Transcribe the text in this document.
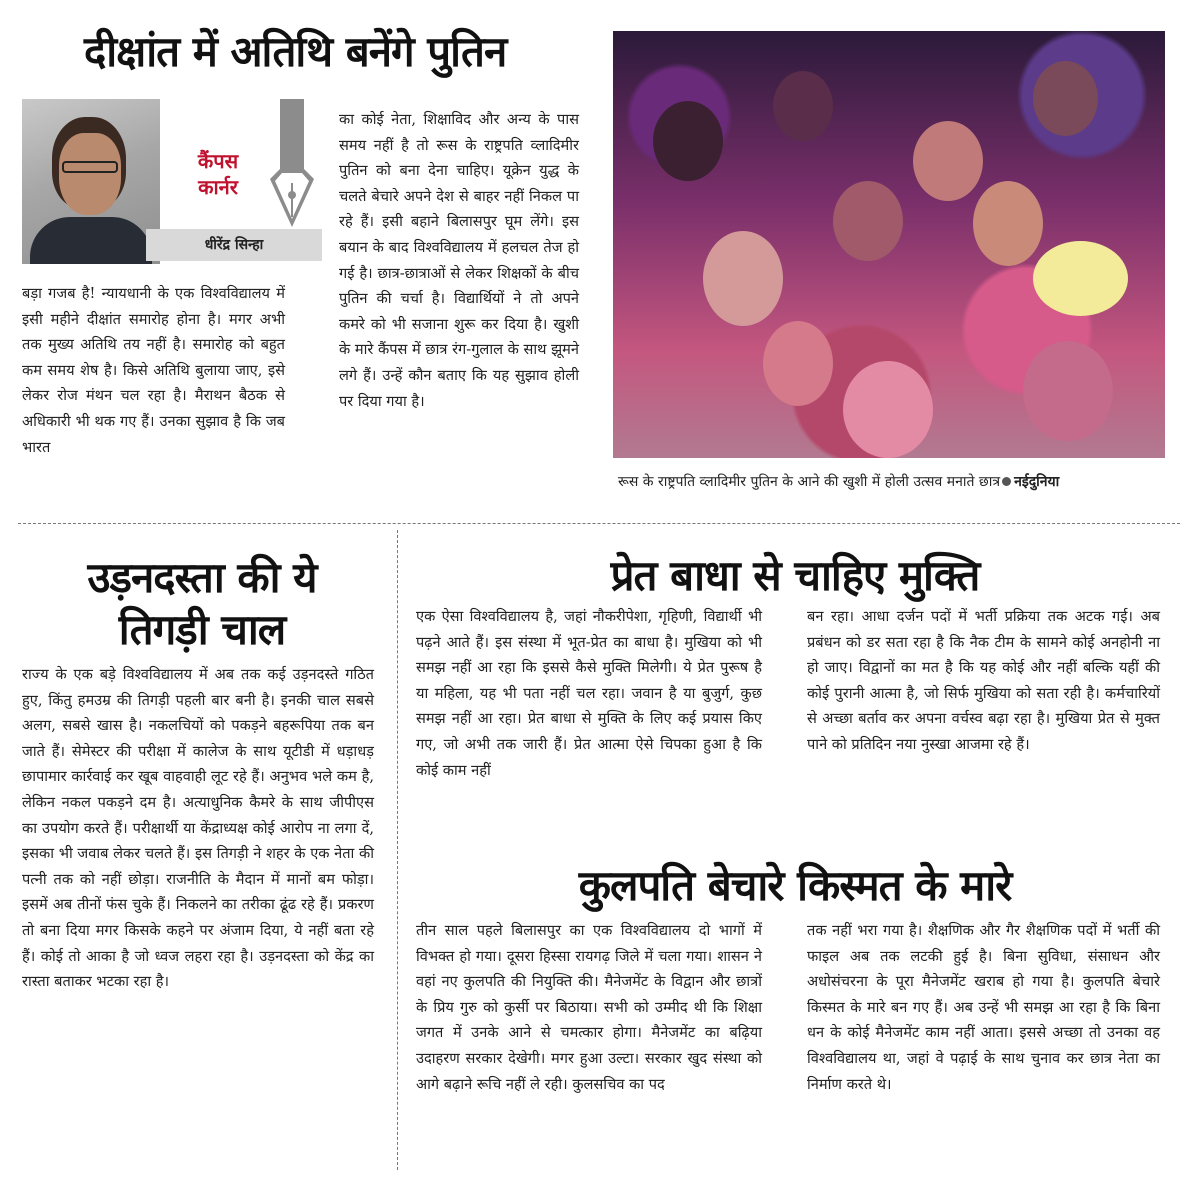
दीक्षांत में अतिथि बनेंगे पुतिन
कैंपस कार्नर
धीरेंद्र सिन्हा
बड़ा गजब है! न्यायधानी के एक विश्वविद्यालय में इसी महीने दीक्षांत समारोह होना है। मगर अभी तक मुख्य अतिथि तय नहीं है। समारोह को बहुत कम समय शेष है। किसे अतिथि बुलाया जाए, इसे लेकर रोज मंथन चल रहा है। मैराथन बैठक से अधिकारी भी थक गए हैं। उनका सुझाव है कि जब भारत
का कोई नेता, शिक्षाविद और अन्य के पास समय नहीं है तो रूस के राष्ट्रपति व्लादिमीर पुतिन को बना देना चाहिए। यूक्रेन युद्ध के चलते बेचारे अपने देश से बाहर नहीं निकल पा रहे हैं। इसी बहाने बिलासपुर घूम लेंगे। इस बयान के बाद विश्वविद्यालय में हलचल तेज हो गई है। छात्र-छात्राओं से लेकर शिक्षकों के बीच पुतिन की चर्चा है। विद्यार्थियों ने तो अपने कमरे को भी सजाना शुरू कर दिया है। खुशी के मारे कैंपस में छात्र रंग-गुलाल के साथ झूमने लगे हैं। उन्हें कौन बताए कि यह सुझाव होली पर दिया गया है।
रूस के राष्ट्रपति व्लादिमीर पुतिन के आने की खुशी में होली उत्सव मनाते छात्र नईदुनिया
उड़नदस्ता की ये
तिगड़ी चाल
राज्य के एक बड़े विश्वविद्यालय में अब तक कई उड़नदस्ते गठित हुए, किंतु हमउम्र की तिगड़ी पहली बार बनी है। इनकी चाल सबसे अलग, सबसे खास है। नकलचियों को पकड़ने बहरूपिया तक बन जाते हैं। सेमेस्टर की परीक्षा में कालेज के साथ यूटीडी में धड़ाधड़ छापामार कार्रवाई कर खूब वाहवाही लूट रहे हैं। अनुभव भले कम है, लेकिन नकल पकड़ने दम है। अत्याधुनिक कैमरे के साथ जीपीएस का उपयोग करते हैं। परीक्षार्थी या केंद्राध्यक्ष कोई आरोप ना लगा दें, इसका भी जवाब लेकर चलते हैं। इस तिगड़ी ने शहर के एक नेता की पत्नी तक को नहीं छोड़ा। राजनीति के मैदान में मानों बम फोड़ा। इसमें अब तीनों फंस चुके हैं। निकलने का तरीका ढूंढ रहे हैं। प्रकरण तो बना दिया मगर किसके कहने पर अंजाम दिया, ये नहीं बता रहे हैं। कोई तो आका है जो ध्वज लहरा रहा है। उड़नदस्ता को केंद्र का रास्ता बताकर भटका रहा है।
प्रेत बाधा से चाहिए मुक्ति
एक ऐसा विश्वविद्यालय है, जहां नौकरीपेशा, गृहिणी, विद्यार्थी भी पढ़ने आते हैं। इस संस्था में भूत-प्रेत का बाधा है। मुखिया को भी समझ नहीं आ रहा कि इससे कैसे मुक्ति मिलेगी। ये प्रेत पुरूष है या महिला, यह भी पता नहीं चल रहा। जवान है या बुजुर्ग, कुछ समझ नहीं आ रहा। प्रेत बाधा से मुक्ति के लिए कई प्रयास किए गए, जो अभी तक जारी हैं। प्रेत आत्मा ऐसे चिपका हुआ है कि कोई काम नहीं
बन रहा। आधा दर्जन पदों में भर्ती प्रक्रिया तक अटक गई। अब प्रबंधन को डर सता रहा है कि नैक टीम के सामने कोई अनहोनी ना हो जाए। विद्वानों का मत है कि यह कोई और नहीं बल्कि यहीं की कोई पुरानी आत्मा है, जो सिर्फ मुखिया को सता रही है। कर्मचारियों से अच्छा बर्ताव कर अपना वर्चस्व बढ़ा रहा है। मुखिया प्रेत से मुक्त पाने को प्रतिदिन नया नुस्खा आजमा रहे हैं।
कुलपति बेचारे किस्मत के मारे
तीन साल पहले बिलासपुर का एक विश्वविद्यालय दो भागों में विभक्त हो गया। दूसरा हिस्सा रायगढ़ जिले में चला गया। शासन ने वहां नए कुलपति की नियुक्ति की। मैनेजमेंट के विद्वान और छात्रों के प्रिय गुरु को कुर्सी पर बिठाया। सभी को उम्मीद थी कि शिक्षा जगत में उनके आने से चमत्कार होगा। मैनेजमेंट का बढ़िया उदाहरण सरकार देखेगी। मगर हुआ उल्टा। सरकार खुद संस्था को आगे बढ़ाने रूचि नहीं ले रही। कुलसचिव का पद
तक नहीं भरा गया है। शैक्षणिक और गैर शैक्षणिक पदों में भर्ती की फाइल अब तक लटकी हुई है। बिना सुविधा, संसाधन और अधोसंचरना के पूरा मैनेजमेंट खराब हो गया है। कुलपति बेचारे किस्मत के मारे बन गए हैं। अब उन्हें भी समझ आ रहा है कि बिना धन के कोई मैनेजमेंट काम नहीं आता। इससे अच्छा तो उनका वह विश्वविद्यालय था, जहां वे पढ़ाई के साथ चुनाव कर छात्र नेता का निर्माण करते थे।
